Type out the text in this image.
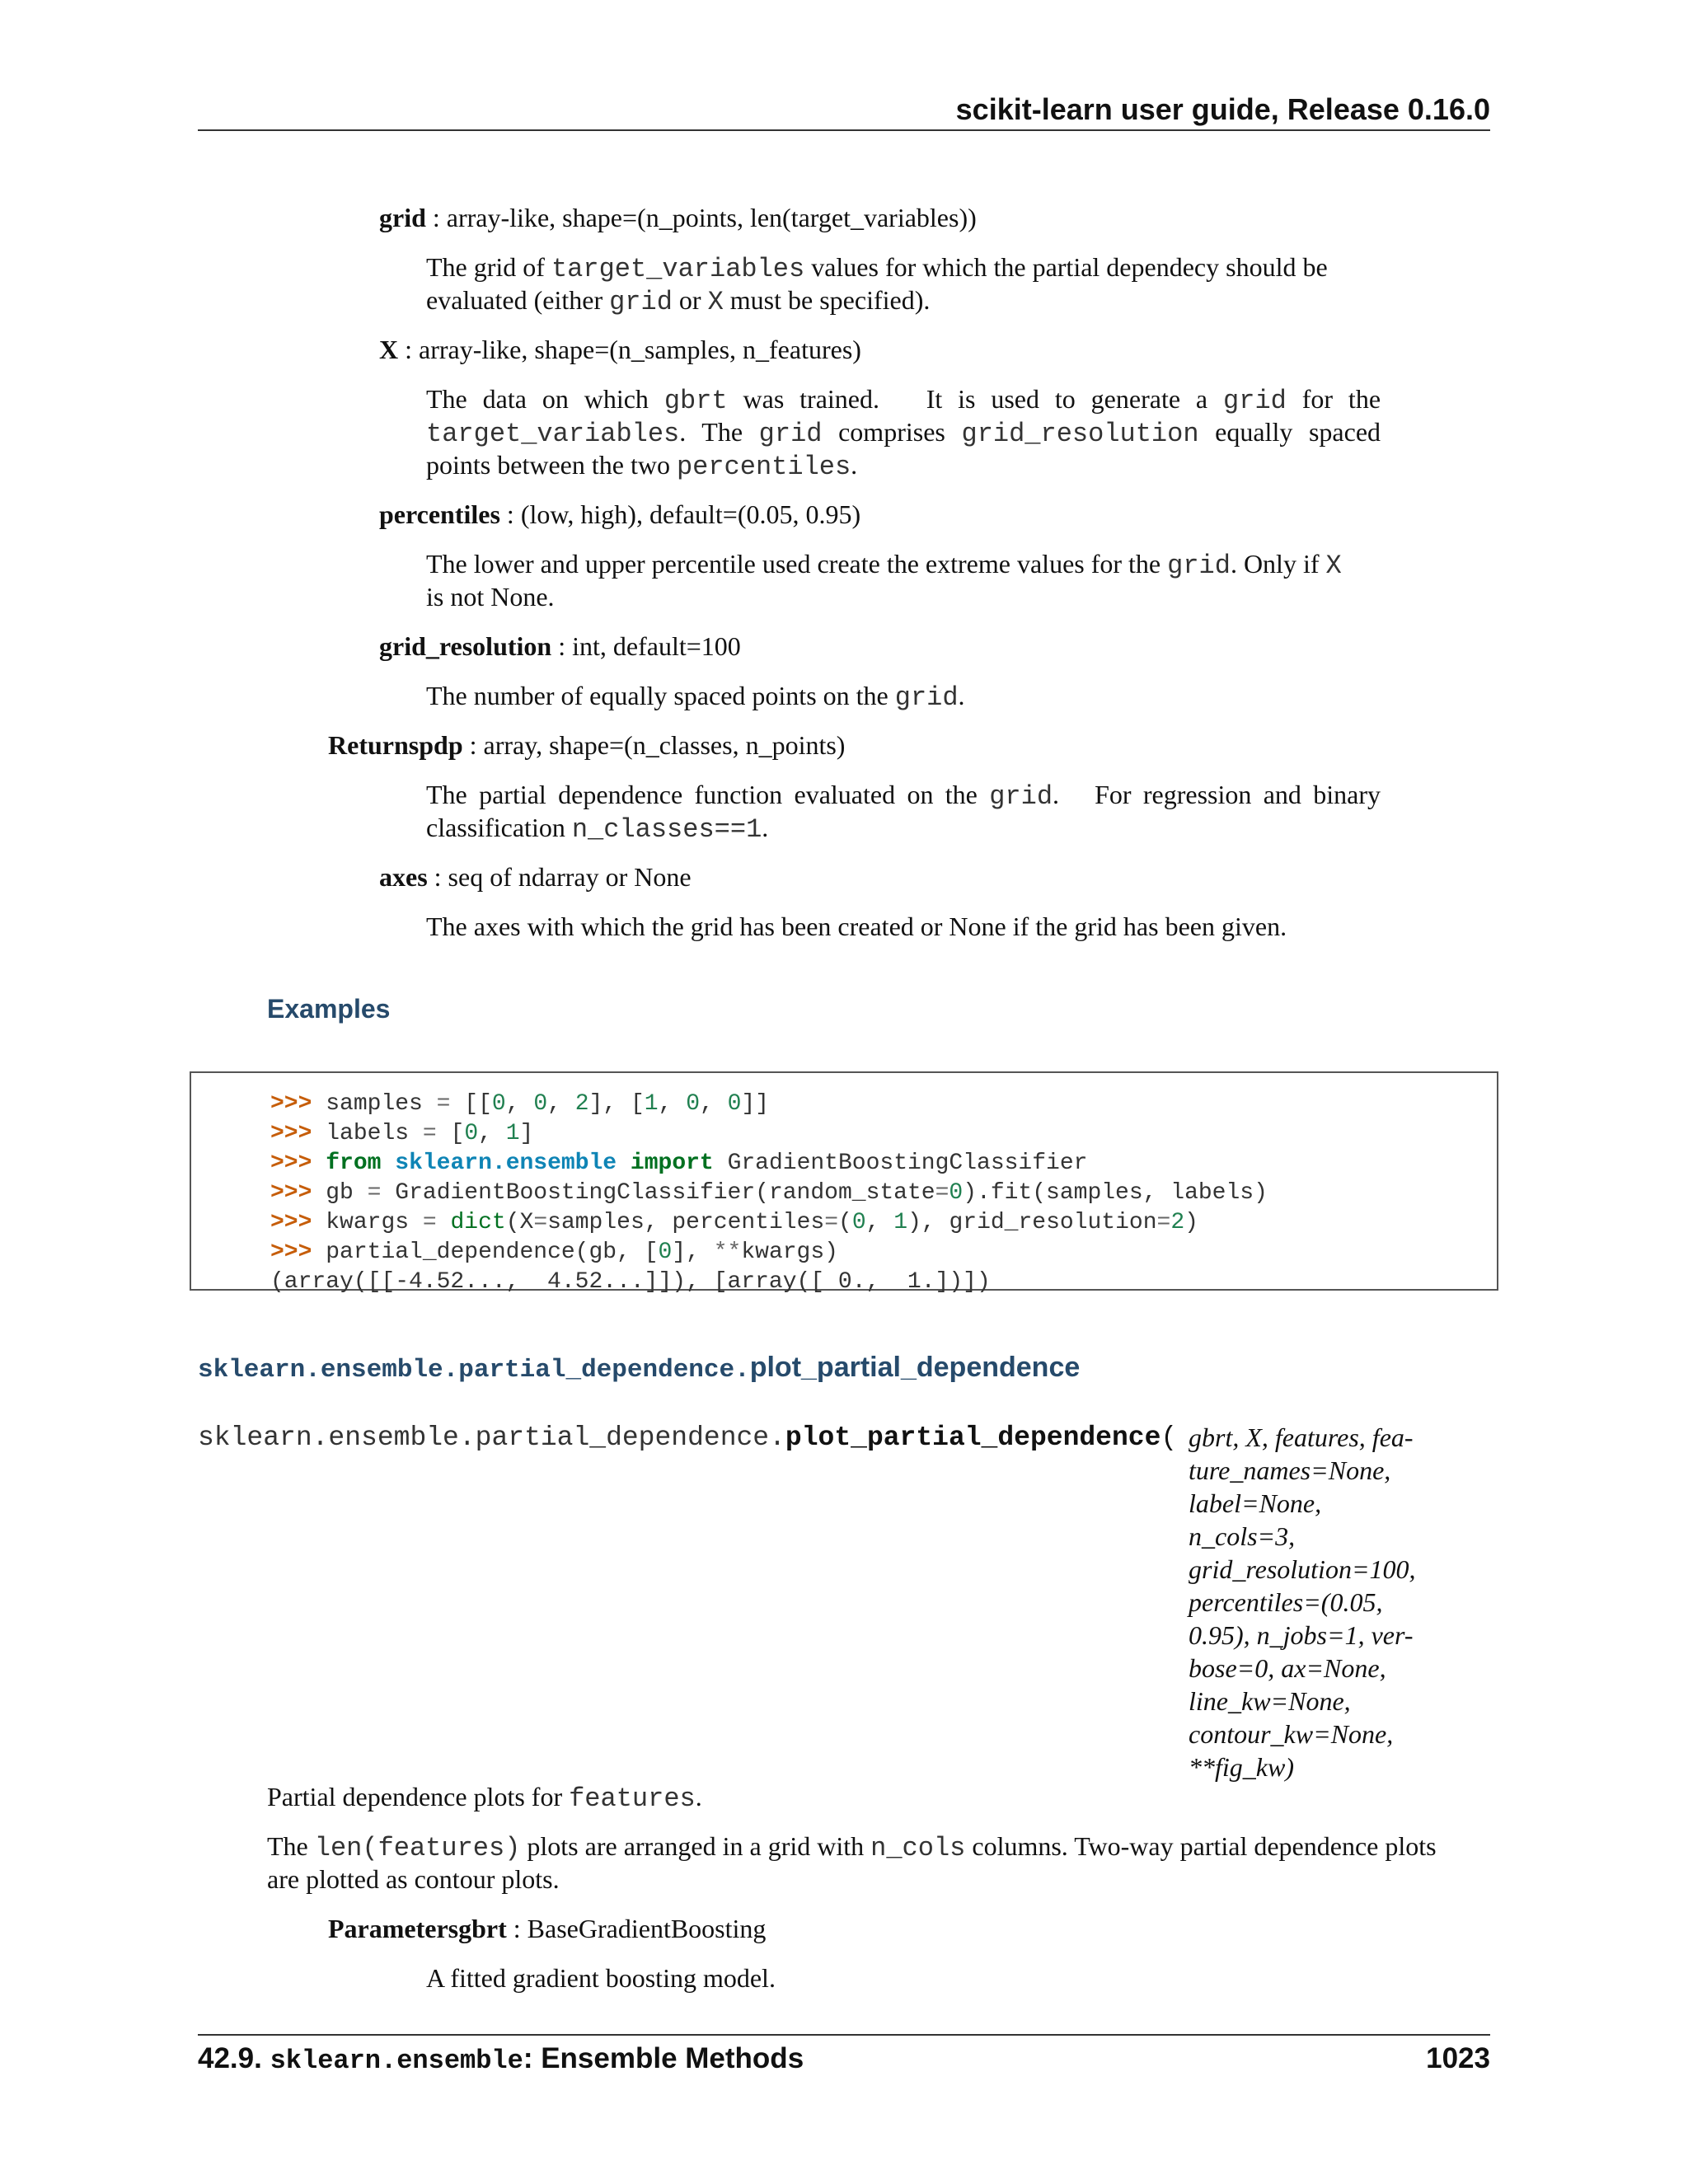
scikit-learn user guide, Release 0.16.0
grid : array-like, shape=(n_points, len(target_variables))
The grid of target_variables values for which the partial dependecy should be
evaluated (either grid or X must be specified).
X : array-like, shape=(n_samples, n_features)
The data on which gbrt was trained. It is used to generate a grid for the
target_variables. The grid comprises grid_resolution equally spaced
points between the two percentiles.
percentiles : (low, high), default=(0.05, 0.95)
The lower and upper percentile used create the extreme values for the grid. Only if X
is not None.
grid_resolution : int, default=100
The number of equally spaced points on the grid.
Returnspdp : array, shape=(n_classes, n_points)
The partial dependence function evaluated on the grid. For regression and binary
classification n_classes==1.
axes : seq of ndarray or None
The axes with which the grid has been created or None if the grid has been given.
Examples
>>> samples = [[0, 0, 2], [1, 0, 0]]
>>> labels = [0, 1]
>>> from sklearn.ensemble import GradientBoostingClassifier
>>> gb = GradientBoostingClassifier(random_state=0).fit(samples, labels)
>>> kwargs = dict(X=samples, percentiles=(0, 1), grid_resolution=2)
>>> partial_dependence(gb, [0], **kwargs)
(array([[-4.52...,  4.52...]]), [array([ 0.,  1.])])
sklearn.ensemble.partial_dependence.plot_partial_dependence
sklearn.ensemble.partial_dependence.plot_partial_dependence( gbrt, X, features, fea-
ture_names=None,
label=None,
n_cols=3,
grid_resolution=100,
percentiles=(0.05,
0.95), n_jobs=1, ver-
bose=0, ax=None,
line_kw=None,
contour_kw=None,
**fig_kw)
Partial dependence plots for features.
The len(features) plots are arranged in a grid with n_cols columns. Two-way partial dependence plots
are plotted as contour plots.
Parametersgbrt : BaseGradientBoosting
A fitted gradient boosting model.
42.9. sklearn.ensemble: Ensemble Methods	1023
